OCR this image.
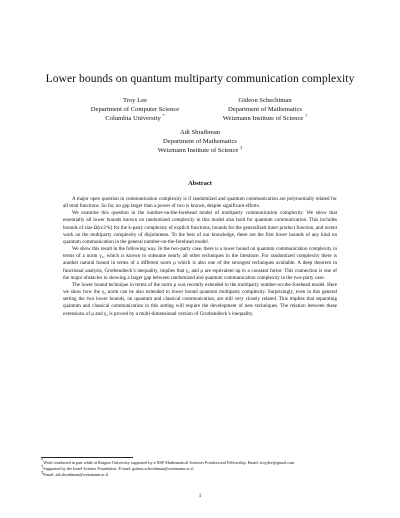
Lower bounds on quantum multiparty communication complexity
Troy Lee
Department of Computer Science
Columbia University *
Gideon Schechtman
Department of Mathematics
Weizmann Institute of Science †
Adi Shraibman
Department of Mathematics
Weizmann Institute of Science ‡
Abstract

A major open question in communication complexity is if randomized and quantum communication are polynomially related for all total functions. So far, no gap larger than a power of two is known, despite significant efforts.

We examine this question in the number-on-the-forehead model of multiparty communication complexity. We show that essentially all lower bounds known on randomized complexity in this model also hold for quantum communication. This includes bounds of size Ω(n/2^k) for the k-party complexity of explicit functions, bounds for the generalized inner product function, and recent work on the multiparty complexity of disjointness. To the best of our knowledge, these are the first lower bounds of any kind on quantum communication in the general number-on-the-forehead model.

We show this result in the following way. In the two-party case, there is a lower bound on quantum communication complexity in terms of a norm γ₂, which is known to subsume nearly all other techniques in the literature. For randomized complexity there is another natural bound in terms of a different norm μ which is also one of the strongest techniques available. A deep theorem in functional analysis, Grothendieck’s inequality, implies that γ₂ and μ are equivalent up to a constant factor. This connection is one of the major obstacles to showing a larger gap between randomized and quantum communication complexity in the two-party case.

The lower bound technique in terms of the norm μ was recently extended to the multiparty number-on-the-forehead model. Here we show how the γ₂ norm can be also extended to lower bound quantum multiparty complexity. Surprisingly, even in this general setting the two lower bounds, on quantum and classical communication, are still very closely related. This implies that separating quantum and classical communication in this setting will require the development of new techniques. The relation between these extensions of μ and γ₂ is proved by a multi-dimensional version of Grothendieck’s inequality.

*Work conducted in part while at Rutgers University supported by a NSF Mathematical Sciences Postdoctoral Fellowship. Email: troyjlee@gmail.com
†Supported by the Israel Science Foundation. E-mail: gideon.schechtman@weizmann.ac.il
‡Email: adi.shraibman@weizmann.ac.il
1
